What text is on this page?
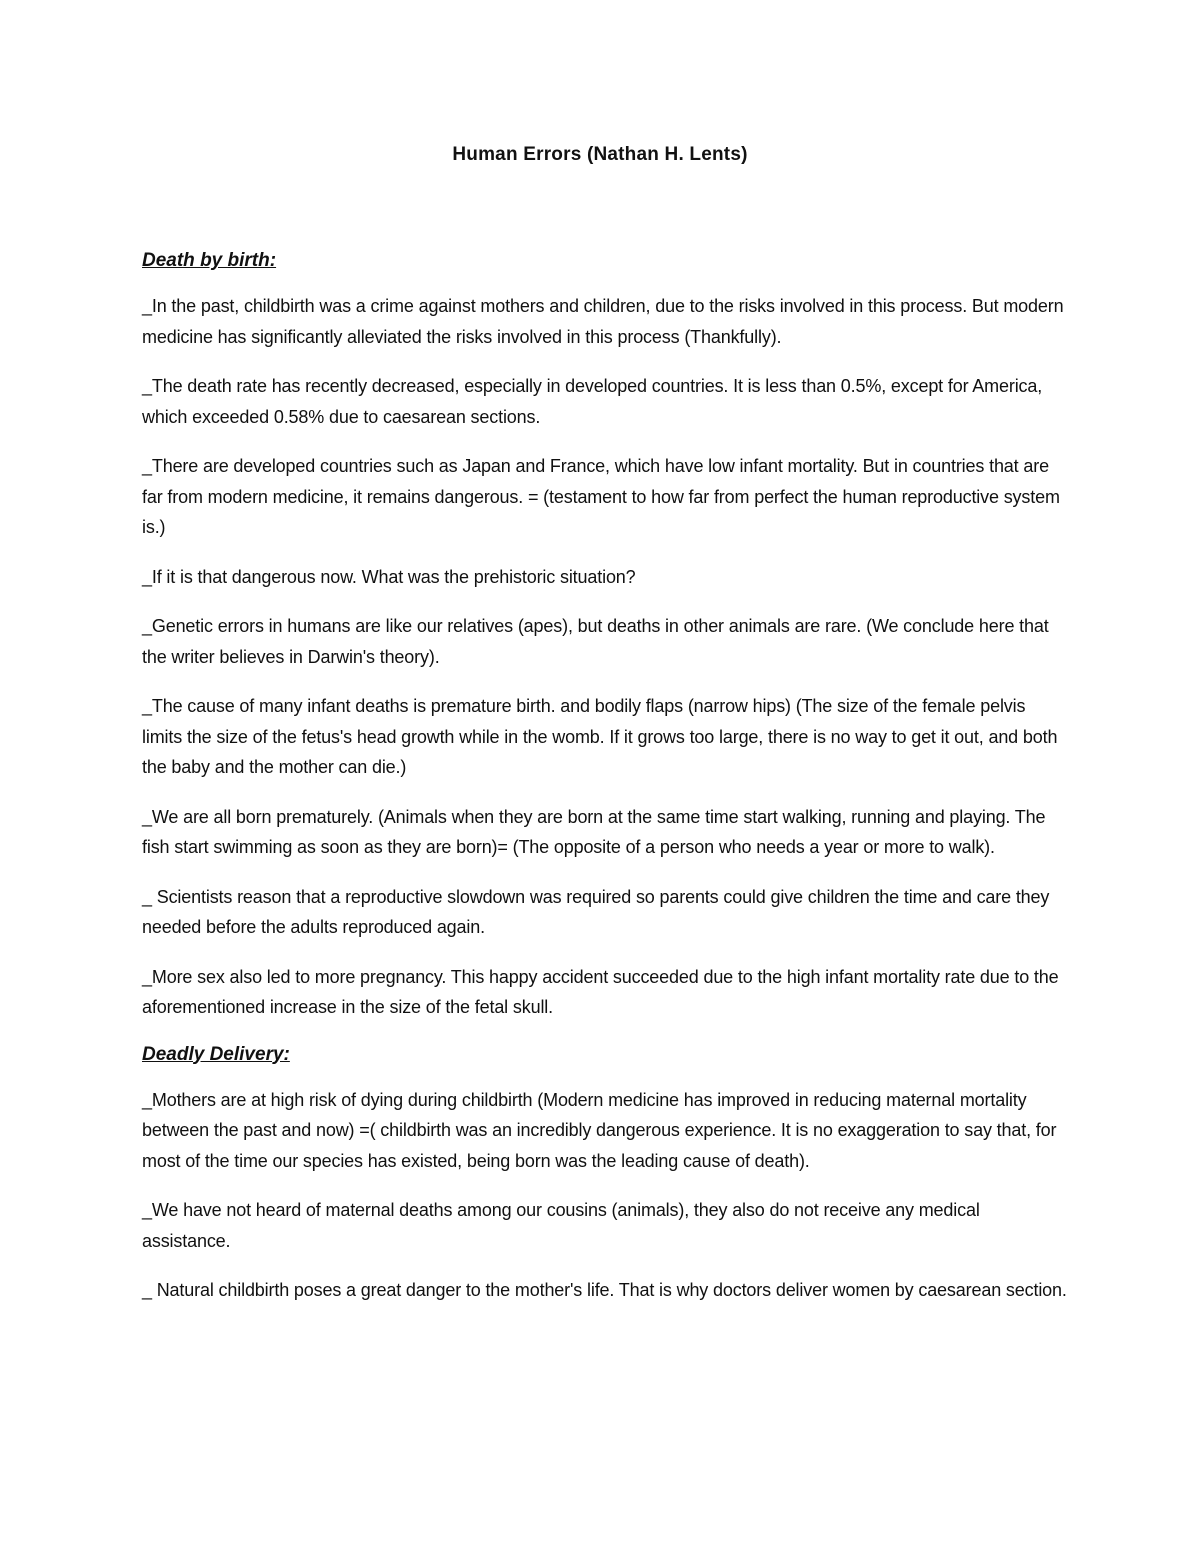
Human Errors (Nathan H. Lents)
Death by birth:

_In the past, childbirth was a crime against mothers and children, due to the risks involved in this process. But modern medicine has significantly alleviated the risks involved in this process (Thankfully).

_The death rate has recently decreased, especially in developed countries. It is less than 0.5%, except for America, which exceeded 0.58% due to caesarean sections.

_There are developed countries such as Japan and France, which have low infant mortality. But in countries that are far from modern medicine, it remains dangerous. = (testament to how far from perfect the human reproductive system is.)

_If it is that dangerous now. What was the prehistoric situation?

_Genetic errors in humans are like our relatives (apes), but deaths in other animals are rare. (We conclude here that the writer believes in Darwin's theory).

_The cause of many infant deaths is premature birth. and bodily flaps (narrow hips) (The size of the female pelvis limits the size of the fetus's head growth while in the womb. If it grows too large, there is no way to get it out, and both the baby and the mother can die.)

_We are all born prematurely. (Animals when they are born at the same time start walking, running and playing. The fish start swimming as soon as they are born)= (The opposite of a person who needs a year or more to walk).

_ Scientists reason that a reproductive slowdown was required so parents could give children the time and care they needed before the adults reproduced again.

_More sex also led to more pregnancy. This happy accident succeeded due to the high infant mortality rate due to the aforementioned increase in the size of the fetal skull.

Deadly Delivery:

_Mothers are at high risk of dying during childbirth (Modern medicine has improved in reducing maternal mortality between the past and now) =( childbirth was an incredibly dangerous experience. It is no exaggeration to say that, for most of the time our species has existed, being born was the leading cause of death).

_We have not heard of maternal deaths among our cousins (animals), they also do not receive any medical assistance.

_ Natural childbirth poses a great danger to the mother's life. That is why doctors deliver women by caesarean section.
